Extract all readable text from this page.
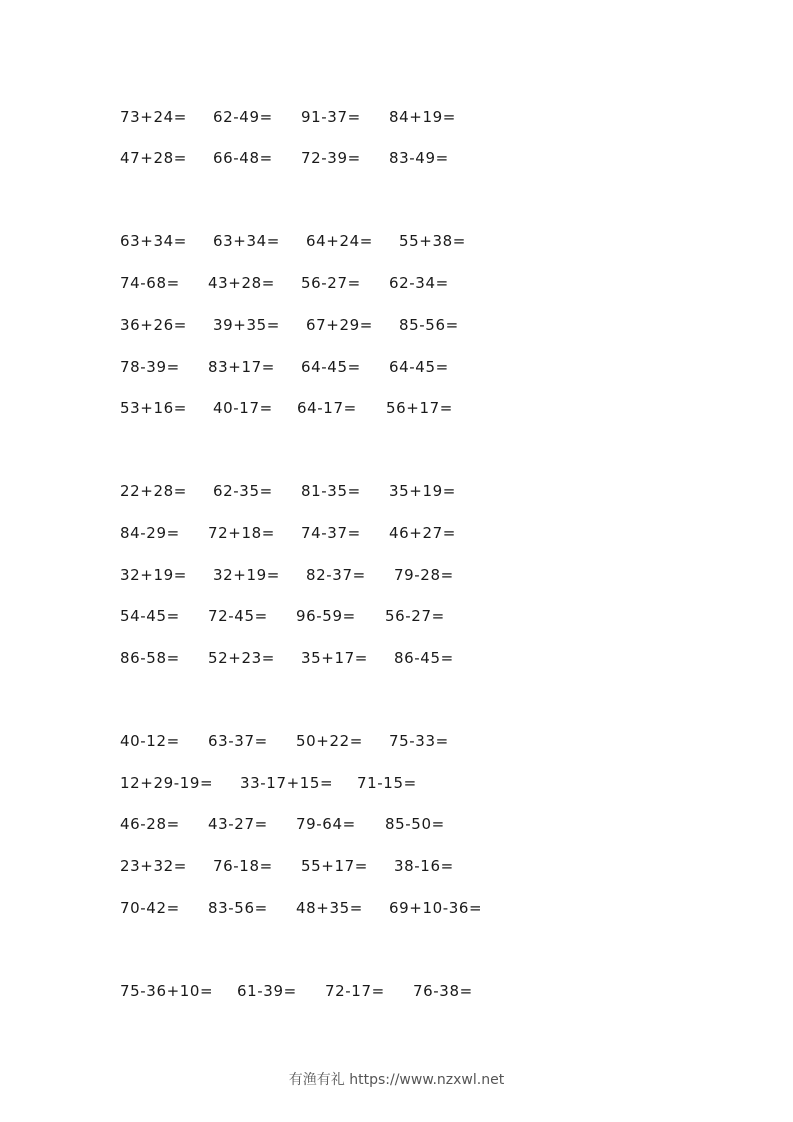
73+24= 62-49= 91-37= 84+19=
47+28= 66-48= 72-39= 83-49=
63+34= 63+34= 64+24= 55+38=
74-68= 43+28= 56-27= 62-34=
36+26= 39+35= 67+29= 85-56=
78-39= 83+17= 64-45= 64-45=
53+16= 40-17= 64-17= 56+17=
22+28= 62-35= 81-35= 35+19=
84-29= 72+18= 74-37= 46+27=
32+19= 32+19= 82-37= 79-28=
54-45= 72-45= 96-59= 56-27=
86-58= 52+23= 35+17= 86-45=
40-12= 63-37= 50+22= 75-33=
12+29-19= 33-17+15= 71-15=
46-28= 43-27= 79-64= 85-50=
23+32= 76-18= 55+17= 38-16=
70-42= 83-56= 48+35= 69+10-36=
75-36+10= 61-39= 72-17= 76-38=
有渔有礼 https://www.nzxwl.net
